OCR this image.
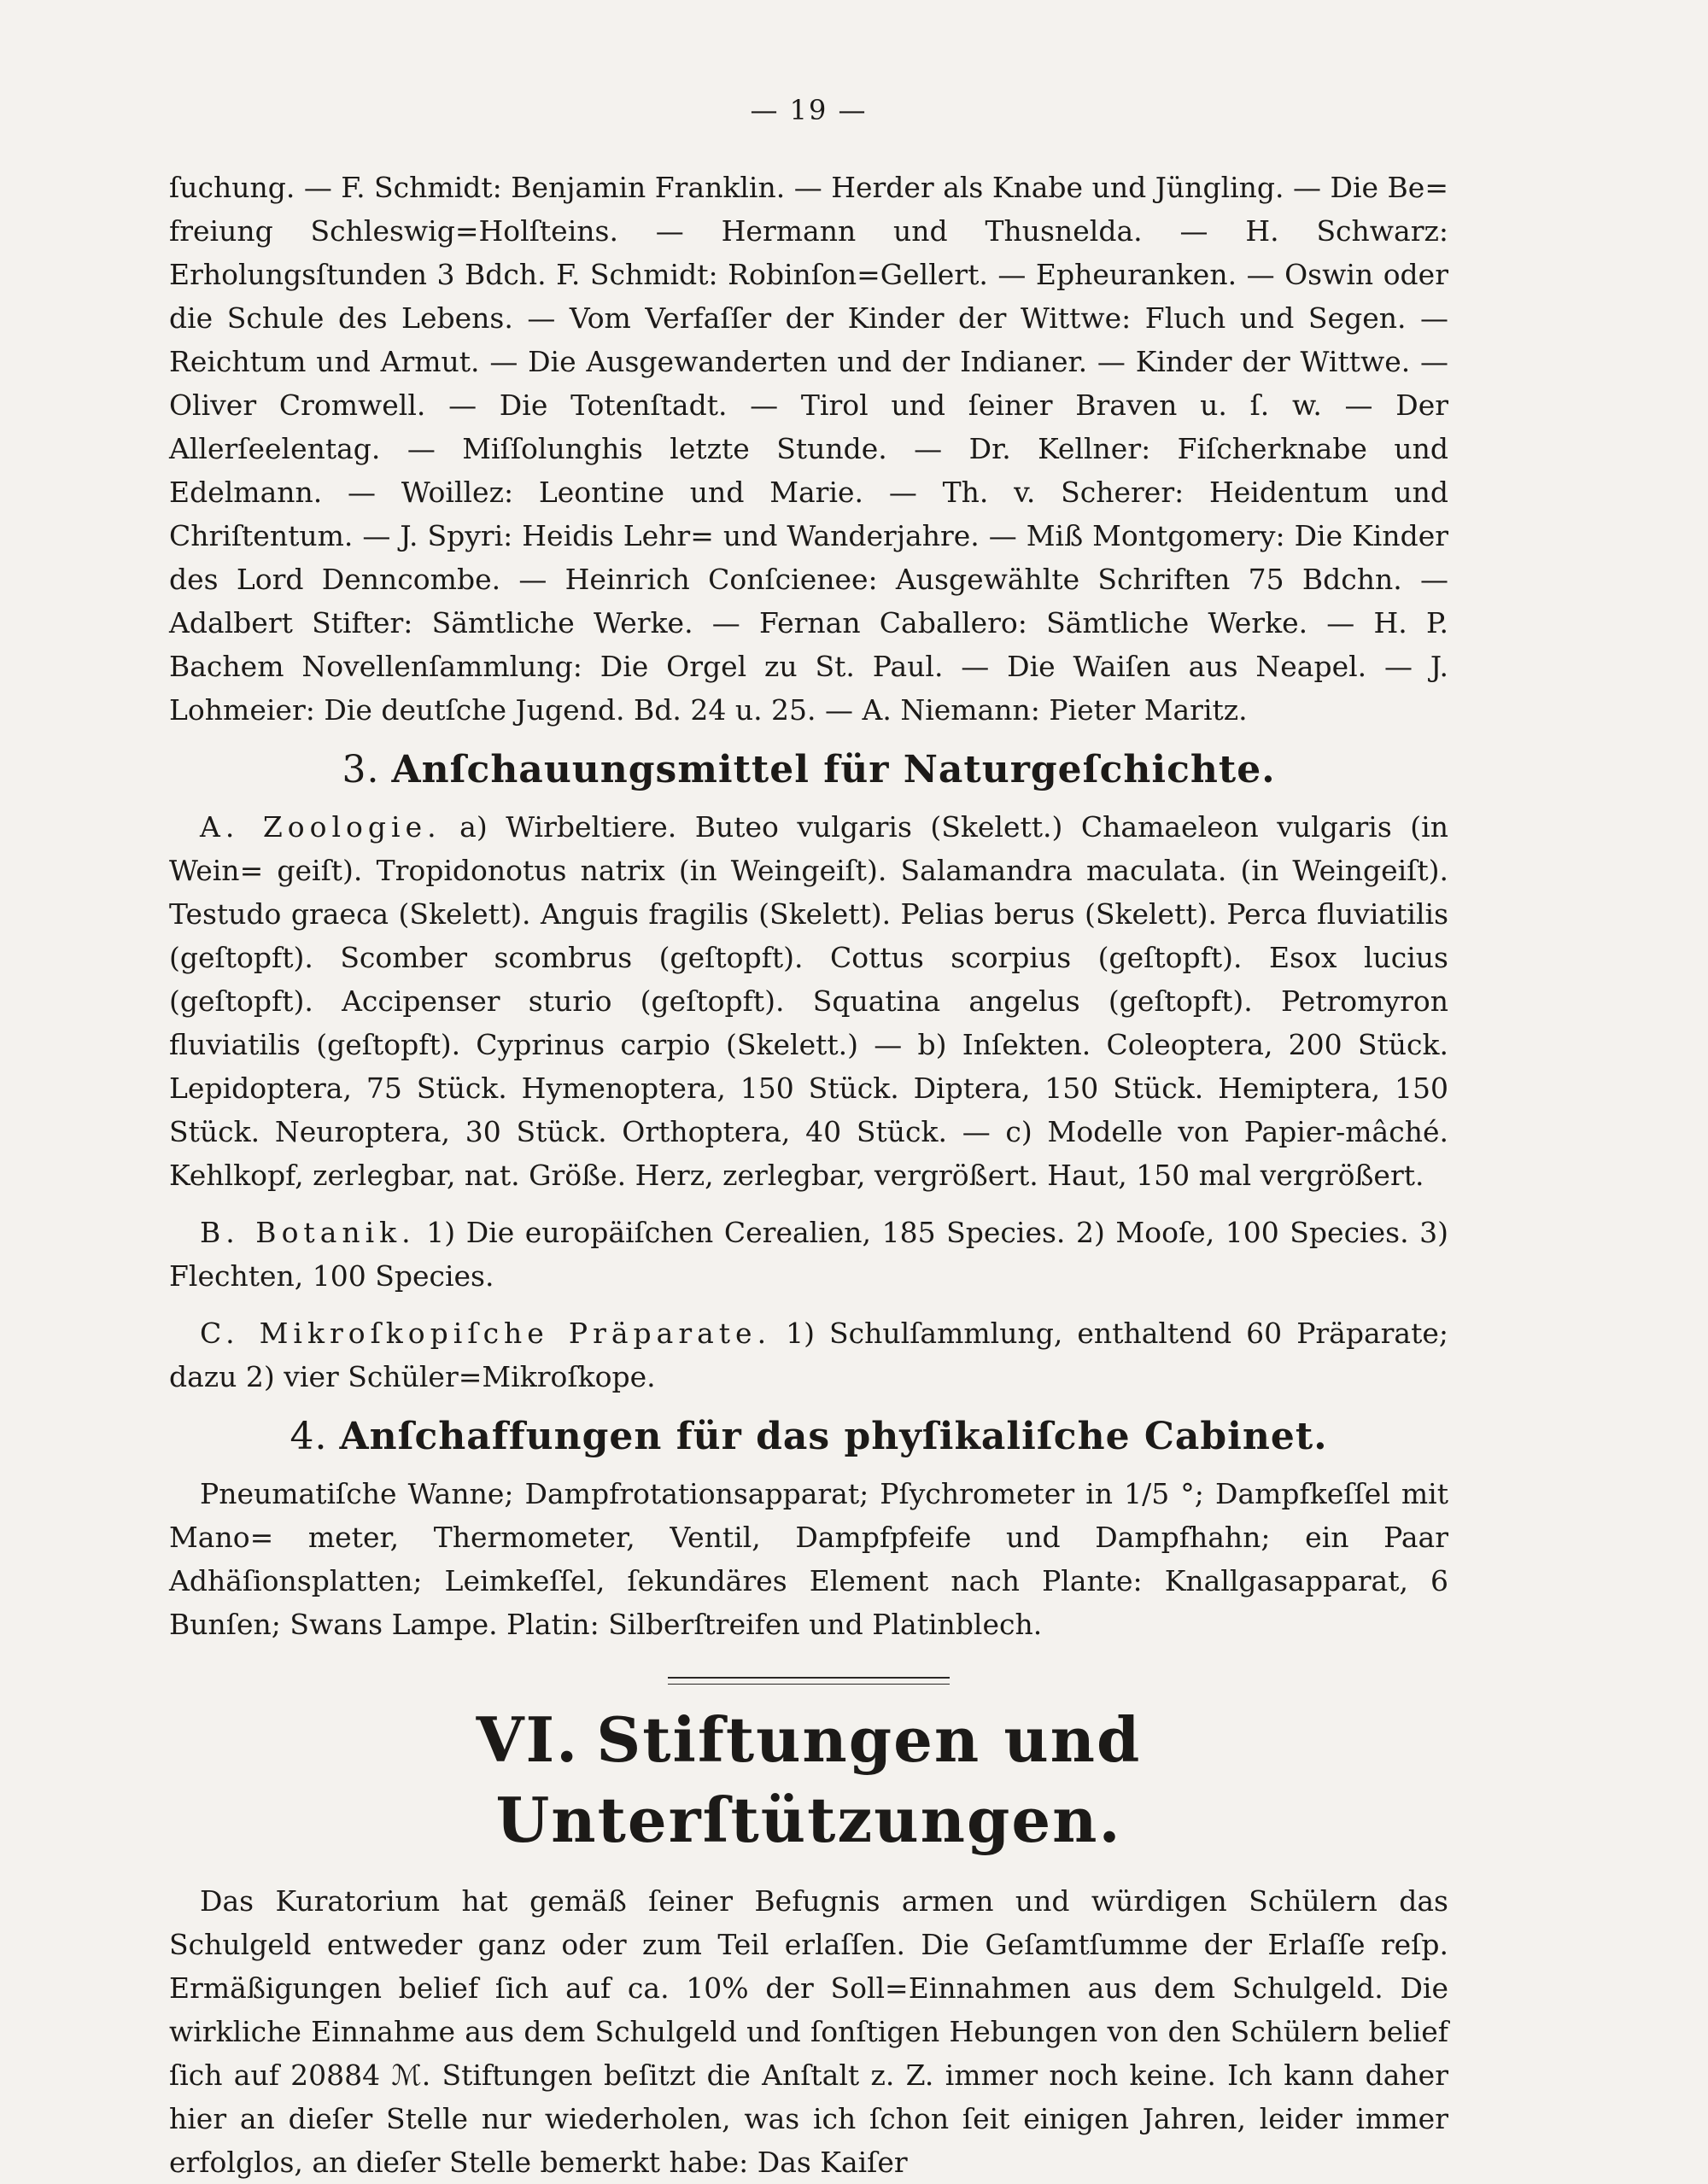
— 19 —

ſuchung. — F. Schmidt: Benjamin Franklin. — Herder als Knabe und Jüngling. — Die Be= freiung Schleswig=Holſteins. — Hermann und Thusnelda. — H. Schwarz: Erholungsſtunden 3 Bdch. F. Schmidt: Robinſon=Gellert. — Epheuranken. — Oswin oder die Schule des Lebens. — Vom Verfaſſer der Kinder der Wittwe: Fluch und Segen. — Reichtum und Armut. — Die Ausgewanderten und der Indianer. — Kinder der Wittwe. — Oliver Cromwell. — Die Totenſtadt. — Tirol und ſeiner Braven u. ſ. w. — Der Allerſeelentag. — Miſſolunghis letzte Stunde. — Dr. Kellner: Fiſcherknabe und Edelmann. — Woillez: Leontine und Marie. — Th. v. Scherer: Heidentum und Chriſtentum. — J. Spyri: Heidis Lehr= und Wanderjahre. — Miß Montgomery: Die Kinder des Lord Denncombe. — Heinrich Conſcienee: Ausgewählte Schriften 75 Bdchn. — Adalbert Stifter: Sämtliche Werke. — Fernan Caballero: Sämtliche Werke. — H. P. Bachem Novellenſammlung: Die Orgel zu St. Paul. — Die Waiſen aus Neapel. — J. Lohmeier: Die deutſche Jugend. Bd. 24 u. 25. — A. Niemann: Pieter Maritz.

3. Anſchauungsmittel für Naturgeſchichte.

A. Zoologie. a) Wirbeltiere. Buteo vulgaris (Skelett.) Chamaeleon vulgaris (in Wein= geiſt). Tropidonotus natrix (in Weingeiſt). Salamandra maculata. (in Weingeiſt). Testudo graeca (Skelett). Anguis fragilis (Skelett). Pelias berus (Skelett). Perca fluviatilis (geſtopft). Scomber scombrus (geſtopft). Cottus scorpius (geſtopft). Esox lucius (geſtopft). Accipenser sturio (geſtopft). Squatina angelus (geſtopft). Petromyron fluviatilis (geſtopft). Cyprinus carpio (Skelett.) — b) Inſekten. Coleoptera, 200 Stück. Lepidoptera, 75 Stück. Hymenoptera, 150 Stück. Diptera, 150 Stück. Hemiptera, 150 Stück. Neuroptera, 30 Stück. Orthoptera, 40 Stück. — c) Modelle von Papier-mâché. Kehlkopf, zerlegbar, nat. Größe. Herz, zerlegbar, vergrößert. Haut, 150 mal vergrößert.

B. Botanik. 1) Die europäiſchen Cerealien, 185 Species. 2) Mooſe, 100 Species. 3) Flechten, 100 Species.

C. Mikroſkopiſche Präparate. 1) Schulſammlung, enthaltend 60 Präparate; dazu 2) vier Schüler=Mikroſkope.

4. Anſchaffungen für das phyſikaliſche Cabinet.

Pneumatiſche Wanne; Dampfrotationsapparat; Pſychrometer in 1/5 °; Dampfkeſſel mit Mano= meter, Thermometer, Ventil, Dampfpfeife und Dampfhahn; ein Paar Adhäſionsplatten; Leimkeſſel, ſekundäres Element nach Plante: Knallgasapparat, 6 Bunſen; Swans Lampe. Platin: Silberſtreifen und Platinblech.

VI. Stiftungen und Unterſtützungen.

Das Kuratorium hat gemäß ſeiner Befugnis armen und würdigen Schülern das Schulgeld entweder ganz oder zum Teil erlaſſen. Die Geſamtſumme der Erlaſſe reſp. Ermäßigungen belief ſich auf ca. 10% der Soll=Einnahmen aus dem Schulgeld. Die wirkliche Einnahme aus dem Schulgeld und ſonſtigen Hebungen von den Schülern belief ſich auf 20884 ℳ. Stiftungen beſitzt die Anſtalt z. Z. immer noch keine. Ich kann daher hier an dieſer Stelle nur wiederholen, was ich ſchon ſeit einigen Jahren, leider immer erfolglos, an dieſer Stelle bemerkt habe: Das Kaiſer
